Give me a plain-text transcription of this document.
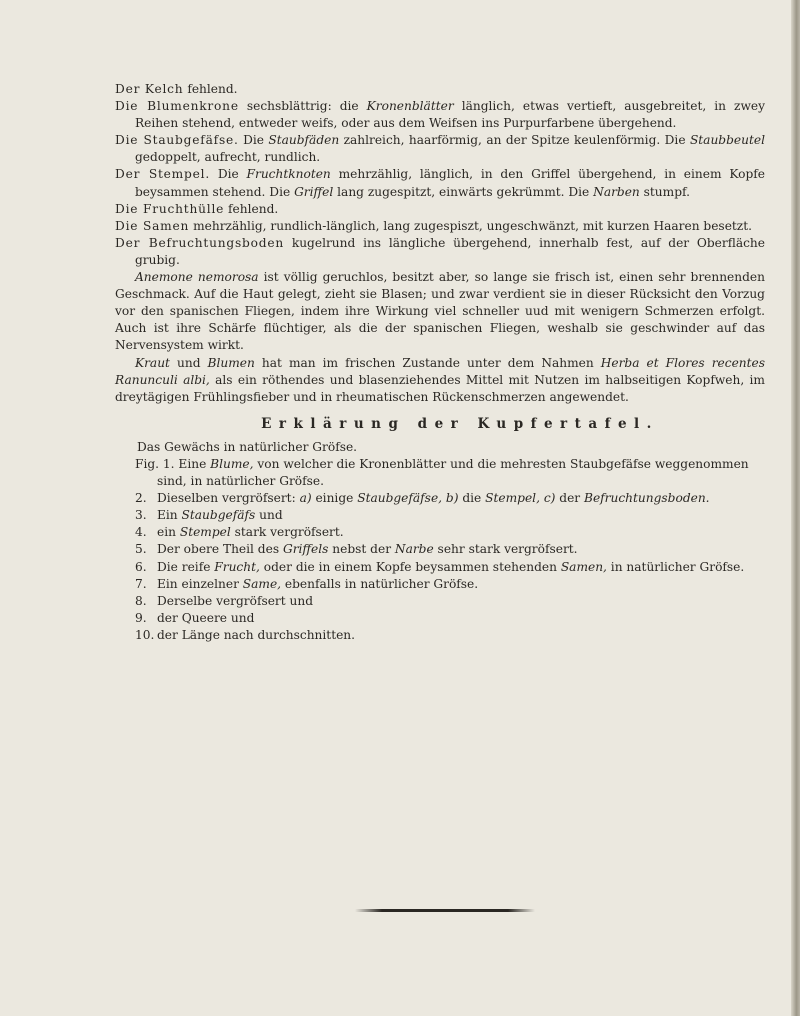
Der Kelch fehlend.

Die Blumenkrone sechsblättrig: die Kronenblätter länglich, etwas vertieft, ausgebreitet, in zwey Reihen stehend, entweder weifs, oder aus dem Weifsen ins Purpurfarbene übergehend.

Die Staubgefäfse. Die Staubfäden zahlreich, haarförmig, an der Spitze keulenförmig. Die Staubbeutel gedoppelt, aufrecht, rundlich.

Der Stempel. Die Fruchtknoten mehrzählig, länglich, in den Griffel übergehend, in einem Kopfe beysammen stehend. Die Griffel lang zugespitzt, einwärts gekrümmt. Die Narben stumpf.

Die Fruchthülle fehlend.

Die Samen mehrzählig, rundlich-länglich, lang zugespiszt, ungeschwänzt, mit kurzen Haaren besetzt.

Der Befruchtungsboden kugelrund ins längliche übergehend, innerhalb fest, auf der Oberfläche grubig.

Anemone nemorosa ist völlig geruchlos, besitzt aber, so lange sie frisch ist, einen sehr brennenden Geschmack. Auf die Haut gelegt, zieht sie Blasen; und zwar verdient sie in dieser Rücksicht den Vorzug vor den spanischen Fliegen, indem ihre Wirkung viel schneller uud mit wenigern Schmerzen erfolgt. Auch ist ihre Schärfe flüchtiger, als die der spanischen Fliegen, weshalb sie geschwinder auf das Nervensystem wirkt.

Kraut und Blumen hat man im frischen Zustande unter dem Nahmen Herba et Flores recentes Ranunculi albi, als ein röthendes und blasenziehendes Mittel mit Nutzen im halbseitigen Kopfweh, im dreytägigen Frühlingsfieber und in rheumatischen Rückenschmerzen angewendet.

Erklärung der Kupfertafel.

Das Gewächs in natürlicher Gröfse.

Fig. 1. Eine Blume, von welcher die Kronenblätter und die mehresten Staubgefäfse weggenommen sind, in natürlicher Gröfse.

2. Dieselben vergröfsert: a) einige Staubgefäfse, b) die Stempel, c) der Befruchtungsboden.

3. Ein Staubgefäfs und

4. ein Stempel stark vergröfsert.

5. Der obere Theil des Griffels nebst der Narbe sehr stark vergröfsert.

6. Die reife Frucht, oder die in einem Kopfe beysammen stehenden Samen, in natürlicher Gröfse.

7. Ein einzelner Same, ebenfalls in natürlicher Gröfse.

8. Derselbe vergröfsert und

9. der Queere und

10. der Länge nach durchschnitten.
